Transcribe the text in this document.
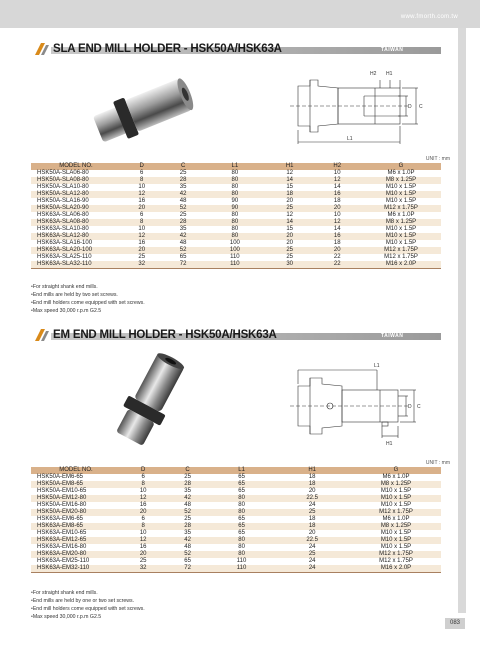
www.fmorth.com.tw
SLA END MILL HOLDER - HSK50A/HSK63A	TAIWAN
H2 H1
D C
L1
UNIT : mm
MODEL NO.	D	C	L1	H1	H2	G
HSK50A-SLA06-80	6	25	80	12	10	M6 x 1.0P
HSK50A-SLA08-80	8	28	80	14	12	M8 x 1.25P
HSK50A-SLA10-80	10	35	80	15	14	M10 x 1.5P
HSK50A-SLA12-80	12	42	80	18	16	M10 x 1.5P
HSK50A-SLA16-90	16	48	90	20	18	M10 x 1.5P
HSK50A-SLA20-90	20	52	90	25	20	M12 x 1.75P
HSK63A-SLA06-80	6	25	80	12	10	M6 x 1.0P
HSK63A-SLA08-80	8	28	80	14	12	M8 x 1.25P
HSK63A-SLA10-80	10	35	80	15	14	M10 x 1.5P
HSK63A-SLA12-80	12	42	80	20	16	M10 x 1.5P
HSK63A-SLA16-100	16	48	100	20	18	M10 x 1.5P
HSK63A-SLA20-100	20	52	100	25	20	M12 x 1.75P
HSK63A-SLA25-110	25	65	110	25	22	M12 x 1.75P
HSK63A-SLA32-110	32	72	110	30	22	M16 x 2.0P
• For straight shank end mills.
• End mills are held by two set screws.
• End mill holders come equipped with set screws.
• Max speed 30,000 r.p.m G2.5
EM END MILL HOLDER - HSK50A/HSK63A	TAIWAN
L1
D C
H1
UNIT : mm
MODEL NO.	D	C	L1	H1	G
HSK50A-EM6-65	6	25	65	18	M6 x 1.0P
HSK50A-EM8-65	8	28	65	18	M8 x 1.25P
HSK50A-EM10-65	10	35	65	20	M10 x 1.5P
HSK50A-EM12-80	12	42	80	22.5	M10 x 1.5P
HSK50A-EM16-80	16	48	80	24	M10 x 1.5P
HSK50A-EM20-80	20	52	80	25	M12 x 1.75P
HSK63A-EM6-65	6	25	65	18	M6 x 1.0P
HSK63A-EM8-65	8	28	65	18	M8 x 1.25P
HSK63A-EM10-65	10	35	65	20	M10 x 1.5P
HSK63A-EM12-65	12	42	80	22.5	M10 x 1.5P
HSK63A-EM16-80	16	48	80	24	M10 x 1.5P
HSK63A-EM20-80	20	52	80	25	M12 x 1.75P
HSK63A-EM25-110	25	65	110	24	M12 x 1.75P
HSK63A-EM32-110	32	72	110	24	M16 x 2.0P
• For straight shank end mills.
• End mills are held by one or two set screws.
• End mill holders come equipped with set screws.
• Max speed 30,000 r.p.m G2.5
083
